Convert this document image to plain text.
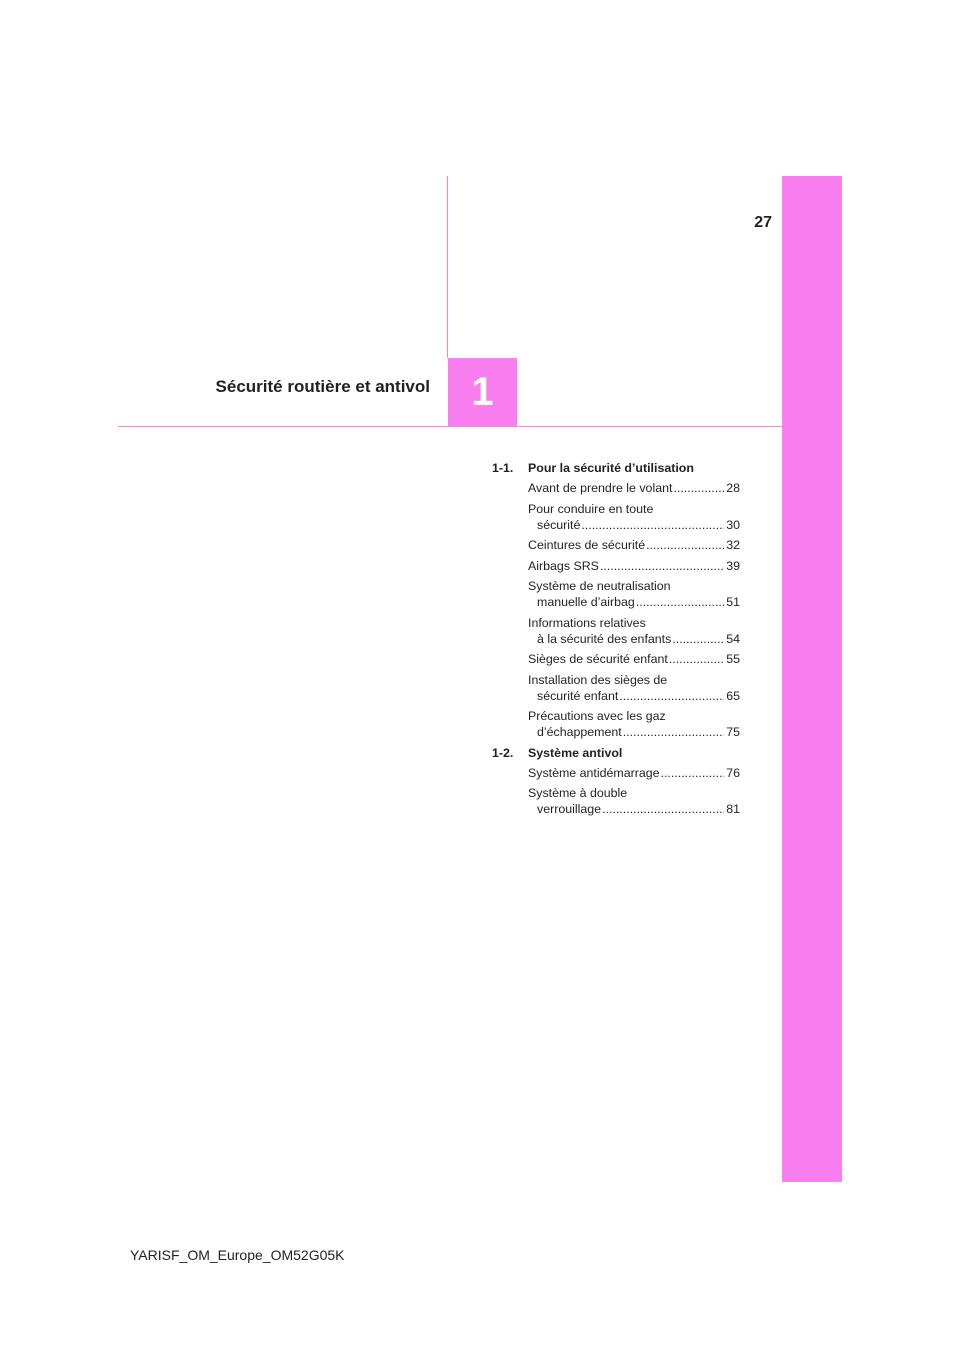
1
27
Sécurité routière et antivol
YARISF_OM_Europe_OM52G05K
1-1. Pour la sécurité d’utilisation
Avant de prendre le volant .....	28
Pour conduire en toute
sécurité .....	30
Ceintures de sécurité .....	32
Airbags SRS .....	39
Système de neutralisation
manuelle d’airbag .....	51
Informations relatives
à la sécurité des enfants .....	54
Sièges de sécurité enfant .....	55
Installation des sièges de
sécurité enfant .....	65
Précautions avec les gaz
d’échappement .....	75
1-2. Système antivol
Système antidémarrage .....	76
Système à double
verrouillage .....	81
